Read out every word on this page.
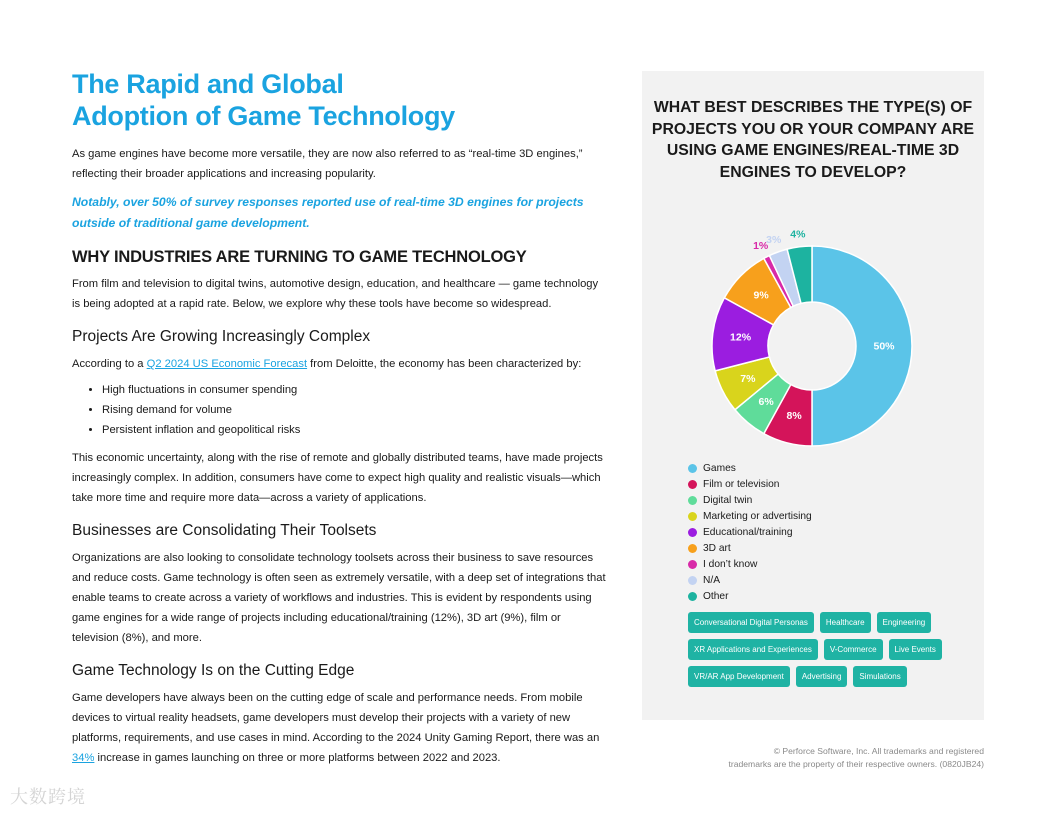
The Rapid and Global
Adoption of Game Technology

As game engines have become more versatile, they are now also referred to as “real-time 3D engines,” reflecting their broader applications and increasing popularity.

Notably, over 50% of survey responses reported use of real-time 3D engines for projects outside of traditional game development.

WHY INDUSTRIES ARE TURNING TO GAME TECHNOLOGY

From film and television to digital twins, automotive design, education, and healthcare — game technology is being adopted at a rapid rate. Below, we explore why these tools have become so widespread.

Projects Are Growing Increasingly Complex

According to a Q2 2024 US Economic Forecast from Deloitte, the economy has been characterized by:

• High fluctuations in consumer spending
• Rising demand for volume
• Persistent inflation and geopolitical risks

This economic uncertainty, along with the rise of remote and globally distributed teams, have made projects increasingly complex. In addition, consumers have come to expect high quality and realistic visuals—which take more time and require more data—across a variety of applications.

Businesses are Consolidating Their Toolsets

Organizations are also looking to consolidate technology toolsets across their business to save resources and reduce costs. Game technology is often seen as extremely versatile, with a deep set of integrations that enable teams to create across a variety of workflows and industries. This is evident by respondents using game engines for a wide range of projects including educational/training (12%), 3D art (9%), film or television (8%), and more.

Game Technology Is on the Cutting Edge

Game developers have always been on the cutting edge of scale and performance needs. From mobile devices to virtual reality headsets, game developers must develop their projects with a variety of new platforms, requirements, and use cases in mind. According to the 2024 Unity Gaming Report, there was an 34% increase in games launching on three or more platforms between 2022 and 2023.

WHAT BEST DESCRIBES THE TYPE(S) OF PROJECTS YOU OR YOUR COMPANY ARE USING GAME ENGINES/REAL-TIME 3D ENGINES TO DEVELOP?
50%
8%
6%
7%
12%
9%
1%
3% 4%
Games
Film or television
Digital twin
Marketing or advertising
Educational/training
3D art
I don’t know
N/A
Other
Conversational Digital Personas	Healthcare	Engineering
XR Applications and Experiences	V-Commerce	Live Events
VR/AR App Development	Advertising	Simulations
© Perforce Software, Inc. All trademarks and registered
trademarks are the property of their respective owners. (0820JB24)
大数跨境
